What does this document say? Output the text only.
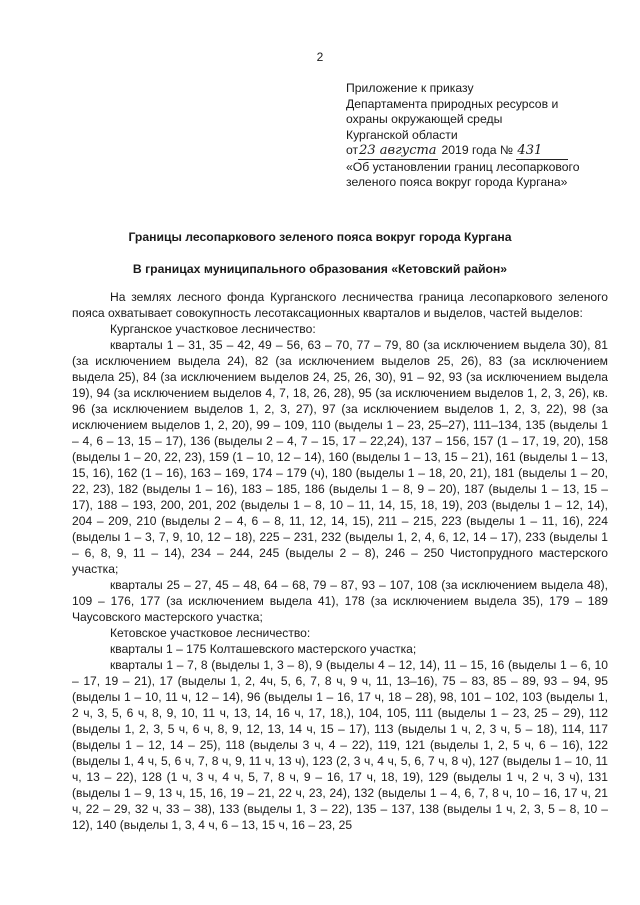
2
Приложение к приказу
Департамента природных ресурсов и
охраны окружающей среды
Курганской области
от23 августа 2019 года № 431
«Об установлении границ лесопаркового
зеленого пояса вокруг города Кургана»
Границы лесопаркового зеленого пояса вокруг города Кургана
В границах муниципального образования «Кетовский район»

На землях лесного фонда Курганского лесничества граница лесопаркового зеленого пояса охватывает совокупность лесотаксационных кварталов и выделов, частей выделов:

Курганское участковое лесничество:

кварталы 1 – 31, 35 – 42, 49 – 56, 63 – 70, 77 – 79, 80 (за исключением выдела 30), 81 (за исключением выдела 24), 82 (за исключением выделов 25, 26), 83 (за исключением выдела 25), 84 (за исключением выделов 24, 25, 26, 30), 91 – 92, 93 (за исключением выдела 19), 94 (за исключением выделов 4, 7, 18, 26, 28), 95 (за исключением выделов 1, 2, 3, 26), кв. 96 (за исключением выделов 1, 2, 3, 27), 97 (за исключением выделов 1, 2, 3, 22), 98 (за исключением выделов 1, 2, 20), 99 – 109, 110 (выделы 1 – 23, 25–27), 111–134, 135 (выделы 1 – 4, 6 – 13, 15 – 17), 136 (выделы 2 – 4, 7 – 15, 17 – 22,24), 137 – 156, 157 (1 – 17, 19, 20), 158 (выделы 1 – 20, 22, 23), 159 (1 – 10, 12 – 14), 160 (выделы 1 – 13, 15 – 21), 161 (выделы 1 – 13, 15, 16), 162 (1 – 16), 163 – 169, 174 – 179 (ч), 180 (выделы 1 – 18, 20, 21), 181 (выделы 1 – 20, 22, 23), 182 (выделы 1 – 16), 183 – 185, 186 (выделы 1 – 8, 9 – 20), 187 (выделы 1 – 13, 15 – 17), 188 – 193, 200, 201, 202 (выделы 1 – 8, 10 – 11, 14, 15, 18, 19), 203 (выделы 1 – 12, 14), 204 – 209, 210 (выделы 2 – 4, 6 – 8, 11, 12, 14, 15), 211 – 215, 223 (выделы 1 – 11, 16), 224 (выделы 1 – 3, 7, 9, 10, 12 – 18), 225 – 231, 232 (выделы 1, 2, 4, 6, 12, 14 – 17), 233 (выделы 1 – 6, 8, 9, 11 – 14), 234 – 244, 245 (выделы 2 – 8), 246 – 250 Чистопрудного мастерского участка;

кварталы 25 – 27, 45 – 48, 64 – 68, 79 – 87, 93 – 107, 108 (за исключением выдела 48), 109 – 176, 177 (за исключением выдела 41), 178 (за исключением выдела 35), 179 – 189 Чаусовского мастерского участка;

Кетовское участковое лесничество:

кварталы 1 – 175 Колташевского мастерского участка;

кварталы 1 – 7, 8 (выделы 1, 3 – 8), 9 (выделы 4 – 12, 14), 11 – 15, 16 (выделы 1 – 6, 10 – 17, 19 – 21), 17 (выделы 1, 2, 4ч, 5, 6, 7, 8 ч, 9 ч, 11, 13–16), 75 – 83, 85 – 89, 93 – 94, 95 (выделы 1 – 10, 11 ч, 12 – 14), 96 (выделы 1 – 16, 17 ч, 18 – 28), 98, 101 – 102, 103 (выделы 1, 2 ч, 3, 5, 6 ч, 8, 9, 10, 11 ч, 13, 14, 16 ч, 17, 18,), 104, 105, 111 (выделы 1 – 23, 25 – 29), 112 (выделы 1, 2, 3, 5 ч, 6 ч, 8, 9, 12, 13, 14 ч, 15 – 17), 113 (выделы 1 ч, 2, 3 ч, 5 – 18), 114, 117 (выделы 1 – 12, 14 – 25), 118 (выделы 3 ч, 4 – 22), 119, 121 (выделы 1, 2, 5 ч, 6 – 16), 122 (выделы 1, 4 ч, 5, 6 ч, 7, 8 ч, 9, 11 ч, 13 ч), 123 (2, 3 ч, 4 ч, 5, 6, 7 ч, 8 ч), 127 (выделы 1 – 10, 11 ч, 13 – 22), 128 (1 ч, 3 ч, 4 ч, 5, 7, 8 ч, 9 – 16, 17 ч, 18, 19), 129 (выделы 1 ч, 2 ч, 3 ч), 131 (выделы 1 – 9, 13 ч, 15, 16, 19 – 21, 22 ч, 23, 24), 132 (выделы 1 – 4, 6, 7, 8 ч, 10 – 16, 17 ч, 21 ч, 22 – 29, 32 ч, 33 – 38), 133 (выделы 1, 3 – 22), 135 – 137, 138 (выделы 1 ч, 2, 3, 5 – 8, 10 – 12), 140 (выделы 1, 3, 4 ч, 6 – 13, 15 ч, 16 – 23, 25
